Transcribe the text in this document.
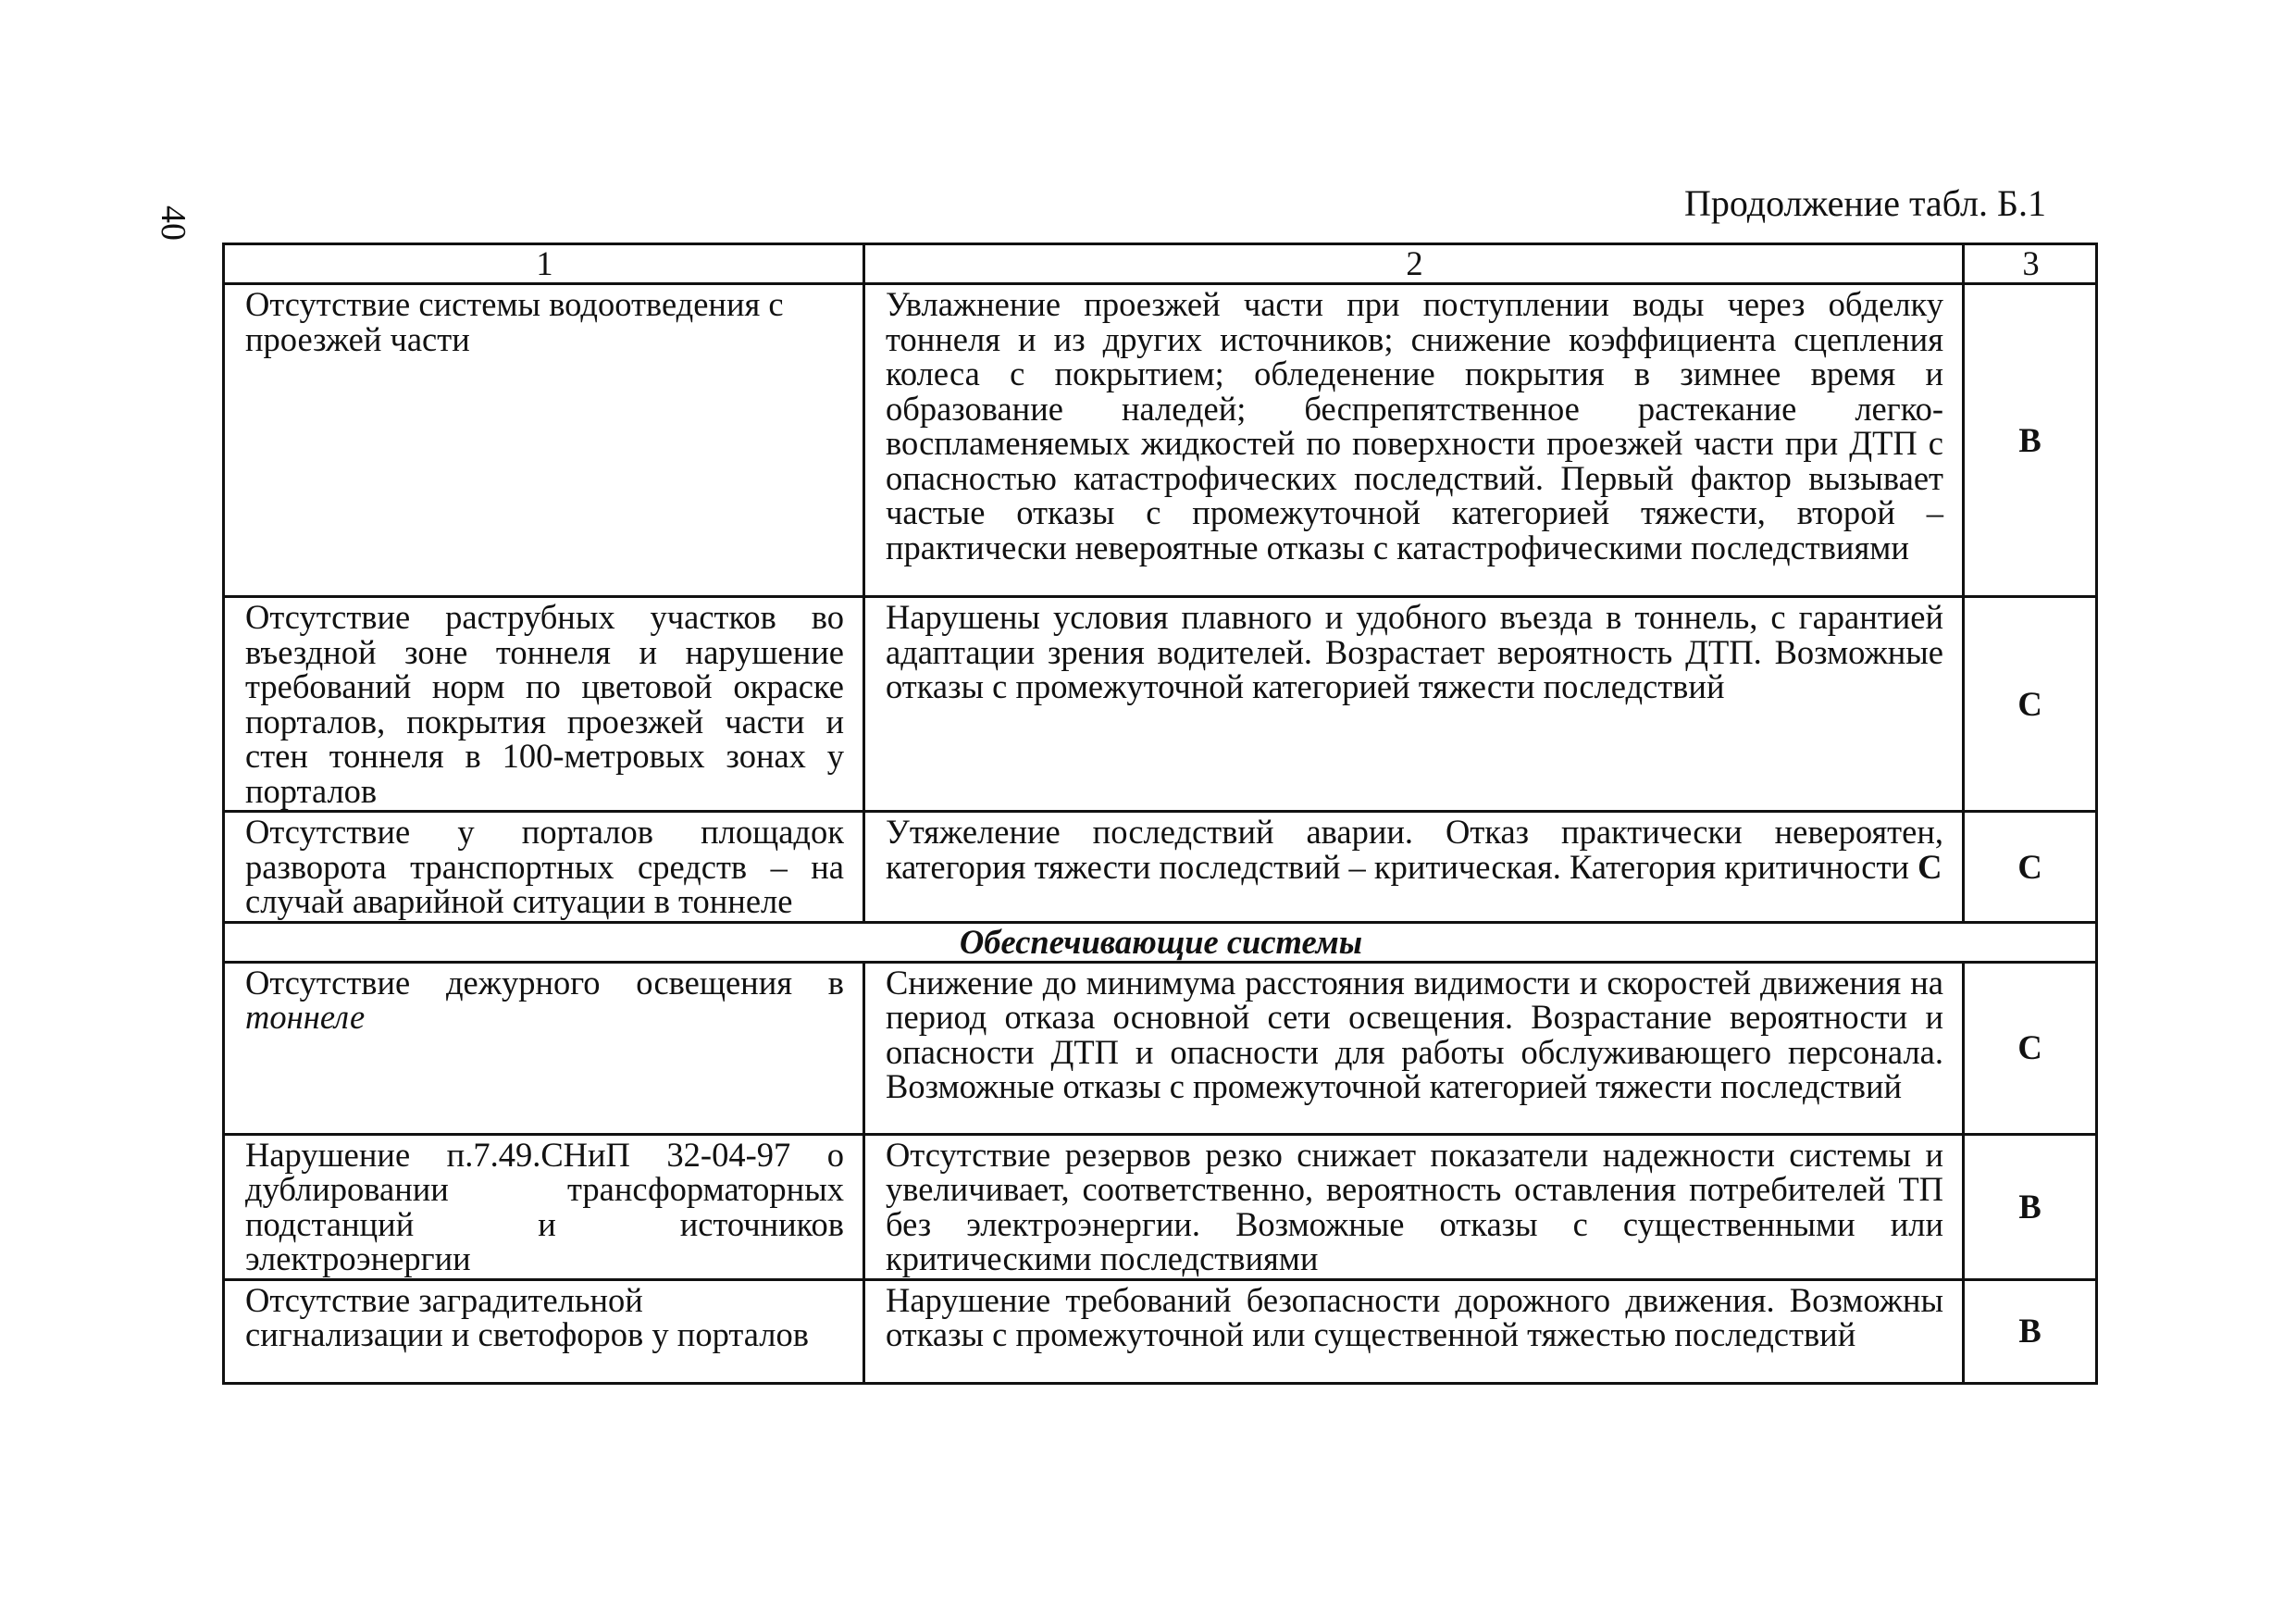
40	Продолжение табл. Б.1
1	2	3
Отсутствие системы водоотведения с проезжей части	Увлажнение проезжей части при поступлении воды через обделку тоннеля и из других источников; снижение коэффициента сцепления колеса с покрытием; обледенение покрытия в зимнее время и образование наледей; беспрепятственное растекание легко-воспламеняемых жидкостей по поверхности проезжей части при ДТП с опасностью катастрофических последствий. Первый фактор вызывает частые отказы с промежуточной категорией тяжести, второй – практически невероятные отказы с катастрофическими последствиями	В
Отсутствие раструбных участков во въездной зоне тоннеля и нарушение требований норм по цветовой окраске порталов, покрытия проезжей части и стен тоннеля в 100-метровых зонах у порталов	Нарушены условия плавного и удобного въезда в тоннель, с гарантией адаптации зрения водителей. Возрастает вероятность ДТП. Возможные отказы с промежуточной категорией тяжести последствий	С
Отсутствие у порталов площадок разворота транспортных средств – на случай аварийной ситуации в тоннеле	Утяжеление последствий аварии. Отказ практически невероятен, категория тяжести последствий – критическая. Категория критичности С	С
Обеспечивающие системы		
Отсутствие дежурного освещения в тоннеле	Снижение до минимума расстояния видимости и скоростей движения на период отказа основной сети освещения. Возрастание вероятности и опасности ДТП и опасности для работы обслуживающего персонала. Возможные отказы с промежуточной категорией тяжести последствий	С
Нарушение п.7.49.СНиП 32-04-97 о дублировании трансформаторных подстанций и источников электроэнергии	Отсутствие резервов резко снижает показатели надежности системы и увеличивает, соответственно, вероятность оставления потребителей ТП без электроэнергии. Возможные отказы с существенными или критическими последствиями	В
Отсутствие заградительной сигнализации и светофоров у порталов	Нарушение требований безопасности дорожного движения. Возможны отказы с промежуточной или существенной тяжестью последствий	В
